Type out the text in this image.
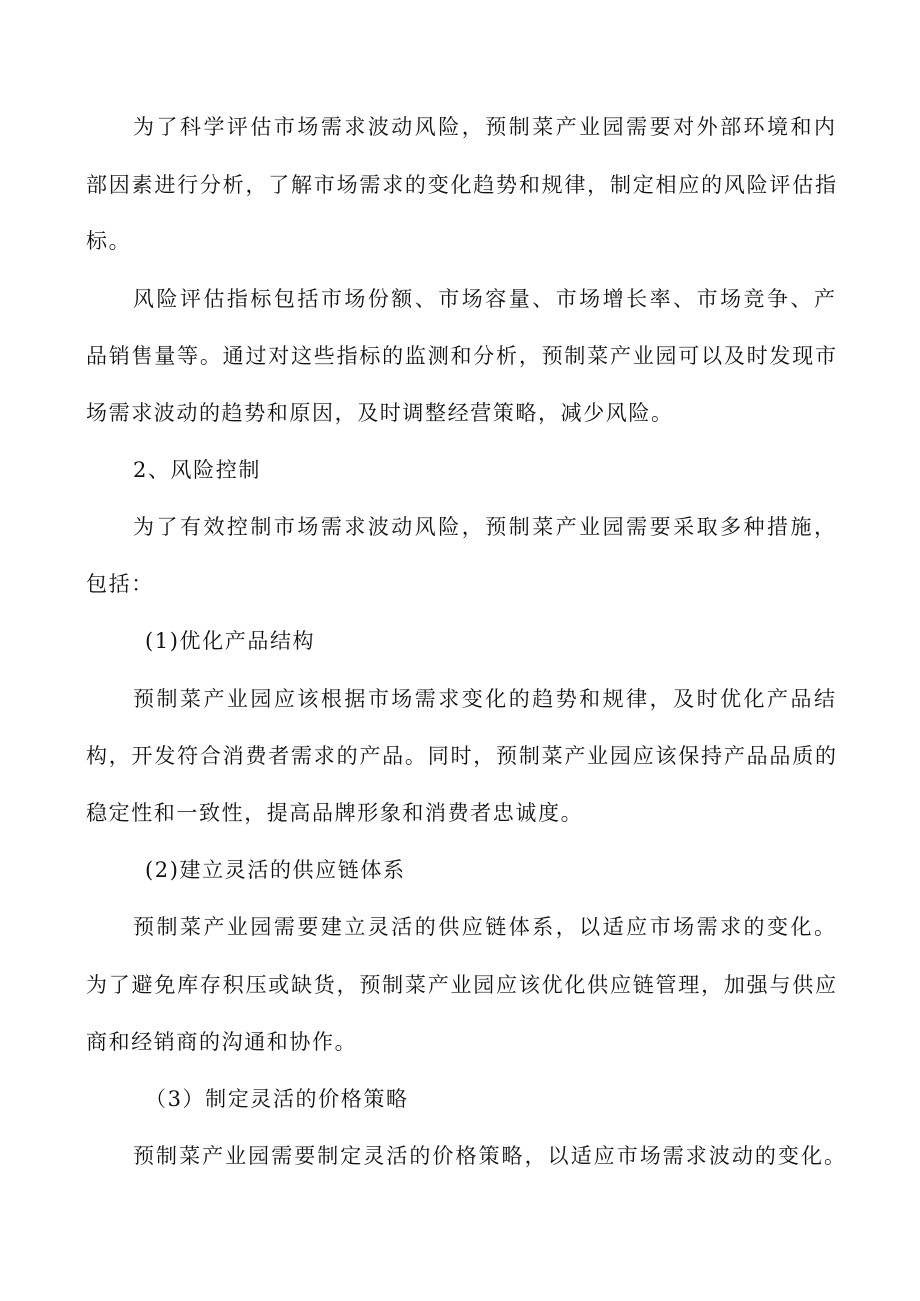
为了科学评估市场需求波动风险，预制菜产业园需要对外部环境和内
部因素进行分析，了解市场需求的变化趋势和规律，制定相应的风险评估指
标。
风险评估指标包括市场份额、市场容量、市场增长率、市场竞争、产
品销售量等。通过对这些指标的监测和分析，预制菜产业园可以及时发现市
场需求波动的趋势和原因，及时调整经营策略，减少风险。
2、风险控制
为了有效控制市场需求波动风险，预制菜产业园需要采取多种措施，
包括：
(1)优化产品结构
预制菜产业园应该根据市场需求变化的趋势和规律，及时优化产品结
构，开发符合消费者需求的产品。同时，预制菜产业园应该保持产品品质的
稳定性和一致性，提高品牌形象和消费者忠诚度。
(2)建立灵活的供应链体系
预制菜产业园需要建立灵活的供应链体系，以适应市场需求的变化。
为了避免库存积压或缺货，预制菜产业园应该优化供应链管理，加强与供应
商和经销商的沟通和协作。
（3）制定灵活的价格策略
预制菜产业园需要制定灵活的价格策略，以适应市场需求波动的变化。
